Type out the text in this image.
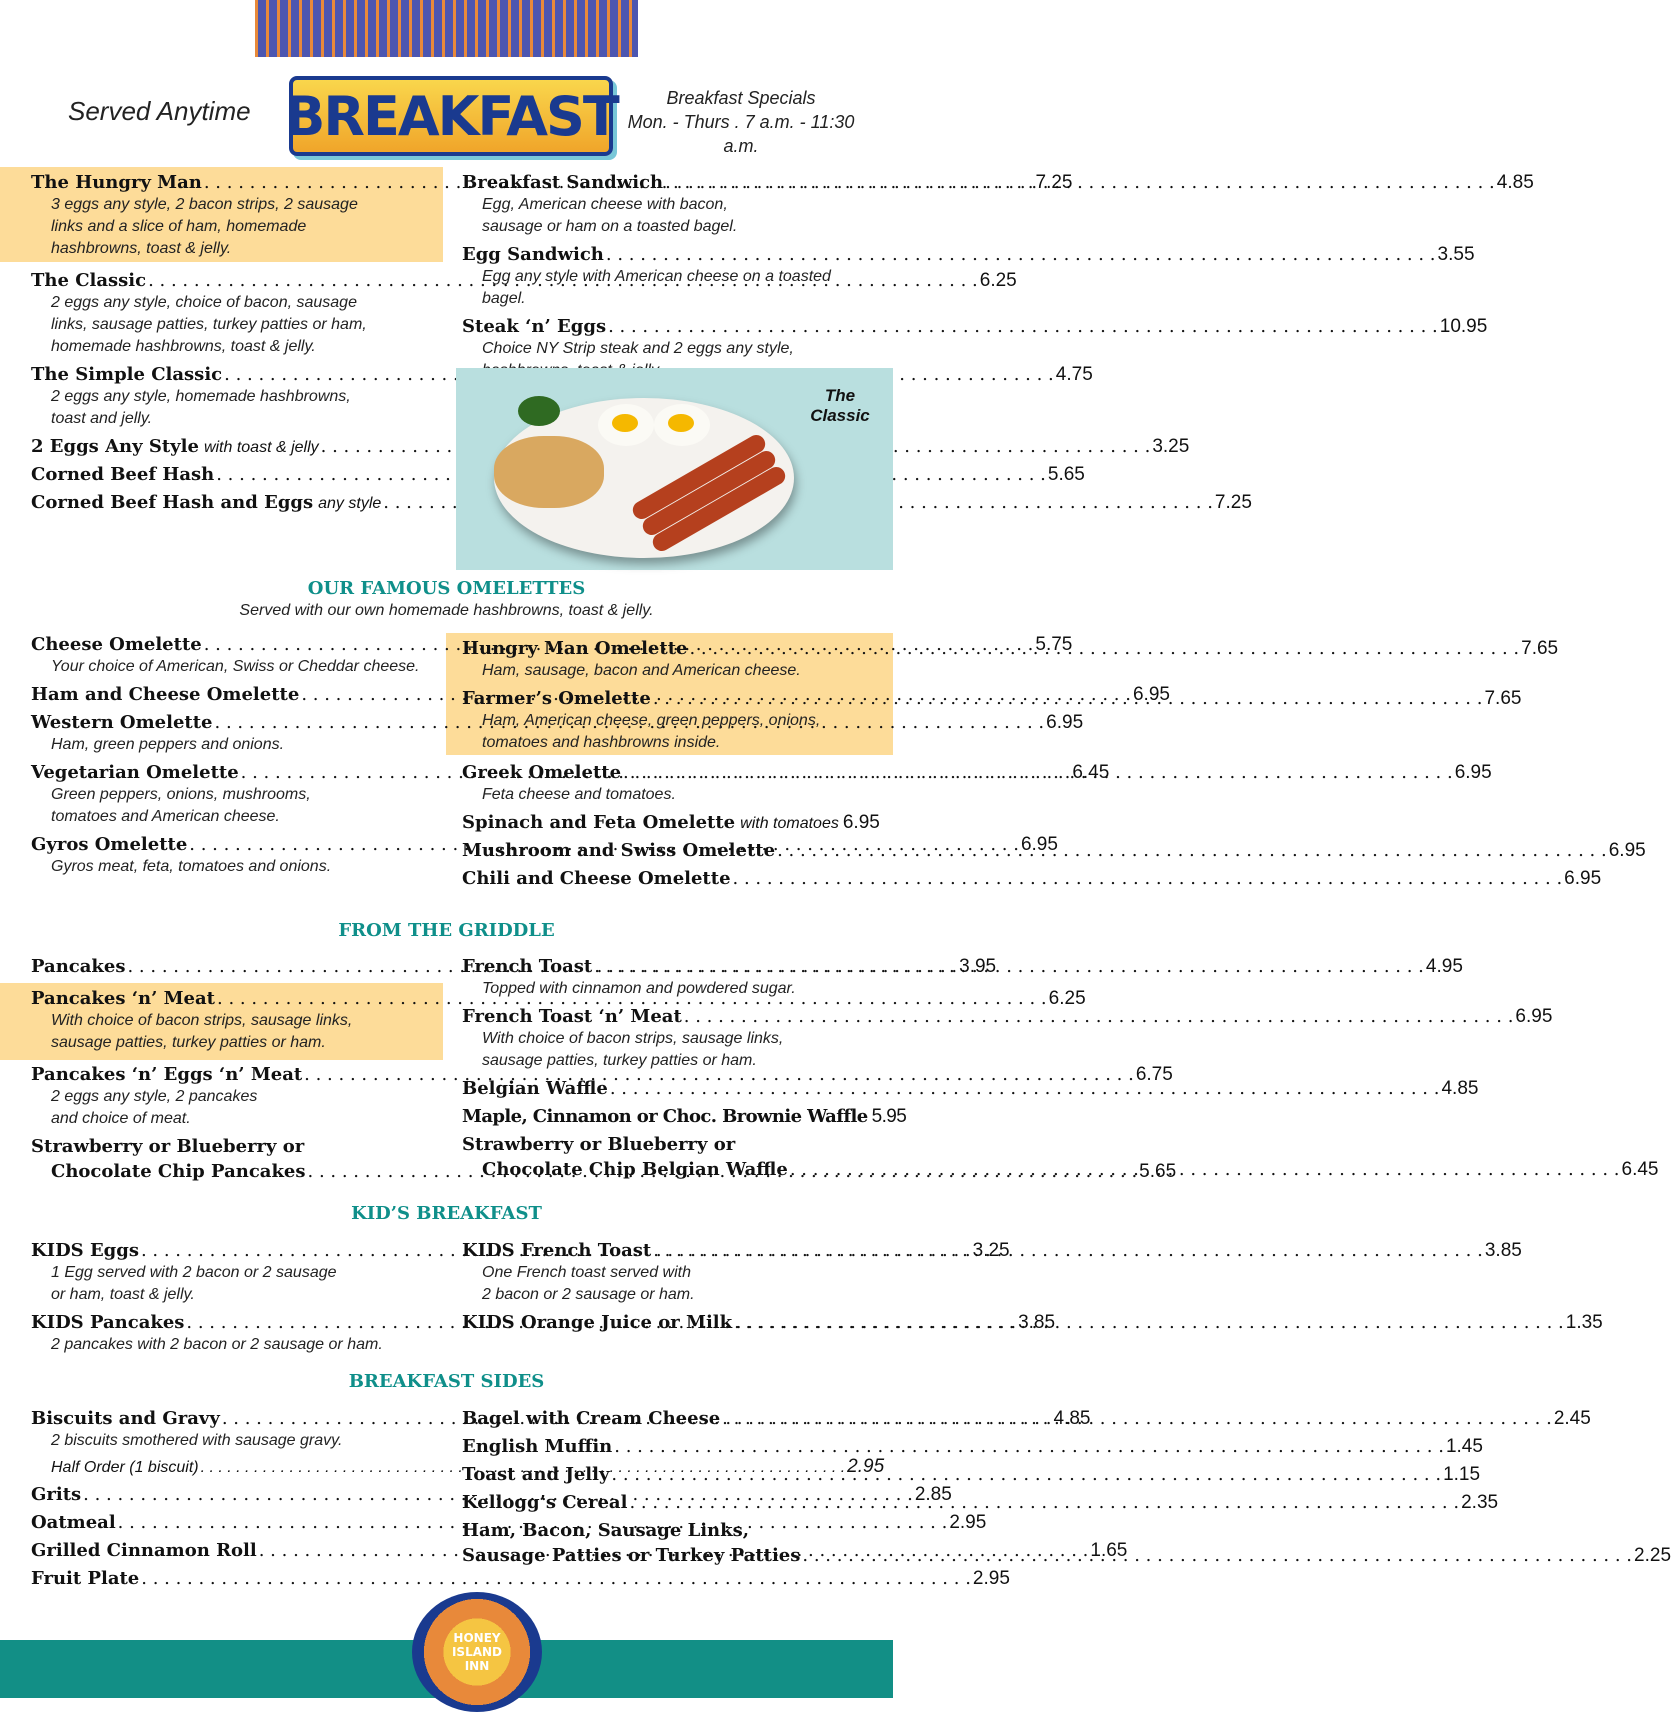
Served Anytime BREAKFAST	Breakfast Specials
Mon. - Thurs . 7 a.m. - 11:30 a.m.
The Hungry Man . . .	7.25
3 eggs any style, 2 bacon strips, 2 sausage
links and a slice of ham, homemade
hashbrowns, toast & jelly.
The Classic . . .	6.25
2 eggs any style, choice of bacon, sausage
links, sausage patties, turkey patties or ham,
homemade hashbrowns, toast & jelly.
The Simple Classic . . .	4.75
2 eggs any style, homemade hashbrowns,
toast and jelly.
2 Eggs Any Style with toast & jelly . . .	3.25
Corned Beef Hash . . .	5.65
Corned Beef Hash and Eggs any style . . .	7.25
Breakfast Sandwich . . .	4.85
Egg, American cheese with bacon,
sausage or ham on a toasted bagel.
Egg Sandwich . . .	3.55
Egg any style with American cheese on a toasted bagel.
Steak ‘n’ Eggs . . .	10.95
Choice NY Strip steak and 2 eggs any style,

The
Classic
OUR FAMOUS OMELETTES
Served with our own homemade hashbrowns, toast & jelly.
Cheese Omelette . . .	5.75
Your choice of American, Swiss or Cheddar cheese.
Ham and Cheese Omelette . . .	6.95
Western Omelette . . .	6.95
Ham, green peppers and onions.
Vegetarian Omelette . . .	6.45
Green peppers, onions, mushrooms,
tomatoes and American cheese.
Gyros Omelette . . .	6.95
Gyros meat, feta, tomatoes and onions.
Hungry Man Omelette . . .	7.65
Ham, sausage, bacon and American cheese.
Farmer’s Omelette . . .	7.65
Ham, American cheese, green peppers, onions,
tomatoes and hashbrowns inside.
Greek Omelette . . .	6.95
Feta cheese and tomatoes.
Spinach and Feta Omelette with tomatoes 6.95
Mushroom and Swiss Omelette . . .	6.95
Chili and Cheese Omelette . . .	6.95
FROM THE GRIDDLE
Pancakes . . .	3.95
Pancakes ‘n’ Meat . . .	6.25
With choice of bacon strips, sausage links,
sausage patties, turkey patties or ham.
Pancakes ‘n’ Eggs ‘n’ Meat . . .	6.75
2 eggs any style, 2 pancakes
and choice of meat.
Strawberry or Blueberry or
Chocolate Chip Pancakes . . .	5.65
French Toast . . .	4.95
Topped with cinnamon and powdered sugar.
French Toast ‘n’ Meat . . .	6.95
With choice of bacon strips, sausage links,
sausage patties, turkey patties or ham.
Belgian Waffle . . .	4.85
Maple, Cinnamon or Choc. Brownie Waffle 5.95
Strawberry or Blueberry or
Chocolate Chip Belgian Waffle . . .	6.45
KID’S BREAKFAST
KIDS Eggs . . .	3.25
1 Egg served with 2 bacon or 2 sausage
or ham, toast & jelly.
KIDS Pancakes . . .	3.85
2 pancakes with 2 bacon or 2 sausage or ham.
KIDS French Toast . . .	3.85
One French toast served with
2 bacon or 2 sausage or ham.
KIDS Orange Juice or Milk . . .	1.35
BREAKFAST SIDES
Biscuits and Gravy . . .	4.85
2 biscuits smothered with sausage gravy.
Half Order (1 biscuit) . . .	2.95
Grits . . .	2.85
Oatmeal . . .	2.95
Grilled Cinnamon Roll . . .	1.65
Fruit Plate . . .	2.95
Bagel with Cream Cheese . . .	2.45
English Muffin . . .	1.45
Toast and Jelly . . .	1.15
Kellogg’s Cereal . . .	2.35
Ham, Bacon, Sausage Links,
Sausage Patties or Turkey Patties . . .	2.25
HONEY ISLAND INN
